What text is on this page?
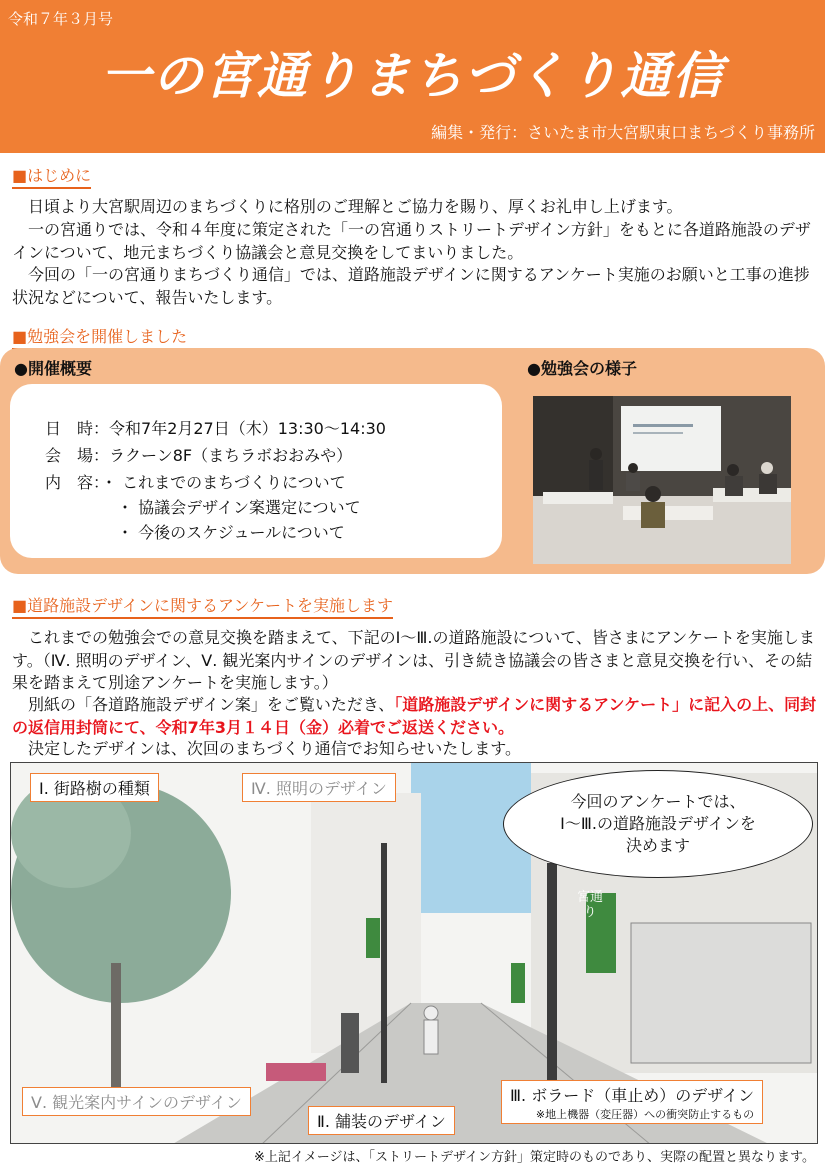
令和７年３月号
一の宮通りまちづくり通信
編集・発行：さいたま市大宮駅東口まちづくり事務所
■はじめに
日頃より大宮駅周辺のまちづくりに格別のご理解とご協力を賜り、厚くお礼申し上げます。
一の宮通りでは、令和４年度に策定された「一の宮通りストリートデザイン方針」をもとに各道路施設のデザインについて、地元まちづくり協議会と意見交換をしてまいりました。
今回の「一の宮通りまちづくり通信」では、道路施設デザインに関するアンケート実施のお願いと工事の進捗状況などについて、報告いたします。
■勉強会を開催しました
●開催概要	●勉強会の様子
日　時：令和7年2月27日（木）13:30～14:30
会　場：ラクーン8F（まちラボおおみや）
内　容：・ これまでのまちづくりについて
・ 協議会デザイン案選定について
・ 今後のスケジュールについて
■道路施設デザインに関するアンケートを実施します
これまでの勉強会での意見交換を踏まえて、下記のⅠ～Ⅲ.の道路施設について、皆さまにアンケートを実施します。（Ⅳ. 照明のデザイン、Ⅴ. 観光案内サインのデザインは、引き続き協議会の皆さまと意見交換を行い、その結果を踏まえて別途アンケートを実施します。）
別紙の「各道路施設デザイン案」をご覧いただき、「道路施設デザインに関するアンケート」に記入の上、同封の返信用封筒にて、令和7年3月１４日（金）必着でご返送ください。
決定したデザインは、次回のまちづくり通信でお知らせいたします。
Ⅰ. 街路樹の種類	Ⅳ. 照明のデザイン
今回のアンケートでは、
Ⅰ～Ⅲ.の道路施設デザインを
決めます
宮通り
Ⅴ. 観光案内サインのデザイン
Ⅱ. 舗装のデザイン
Ⅲ. ボラード（車止め）のデザイン
※地上機器（変圧器）への衝突防止するもの
※上記イメージは、「ストリートデザイン方針」策定時のものであり、実際の配置と異なります。
